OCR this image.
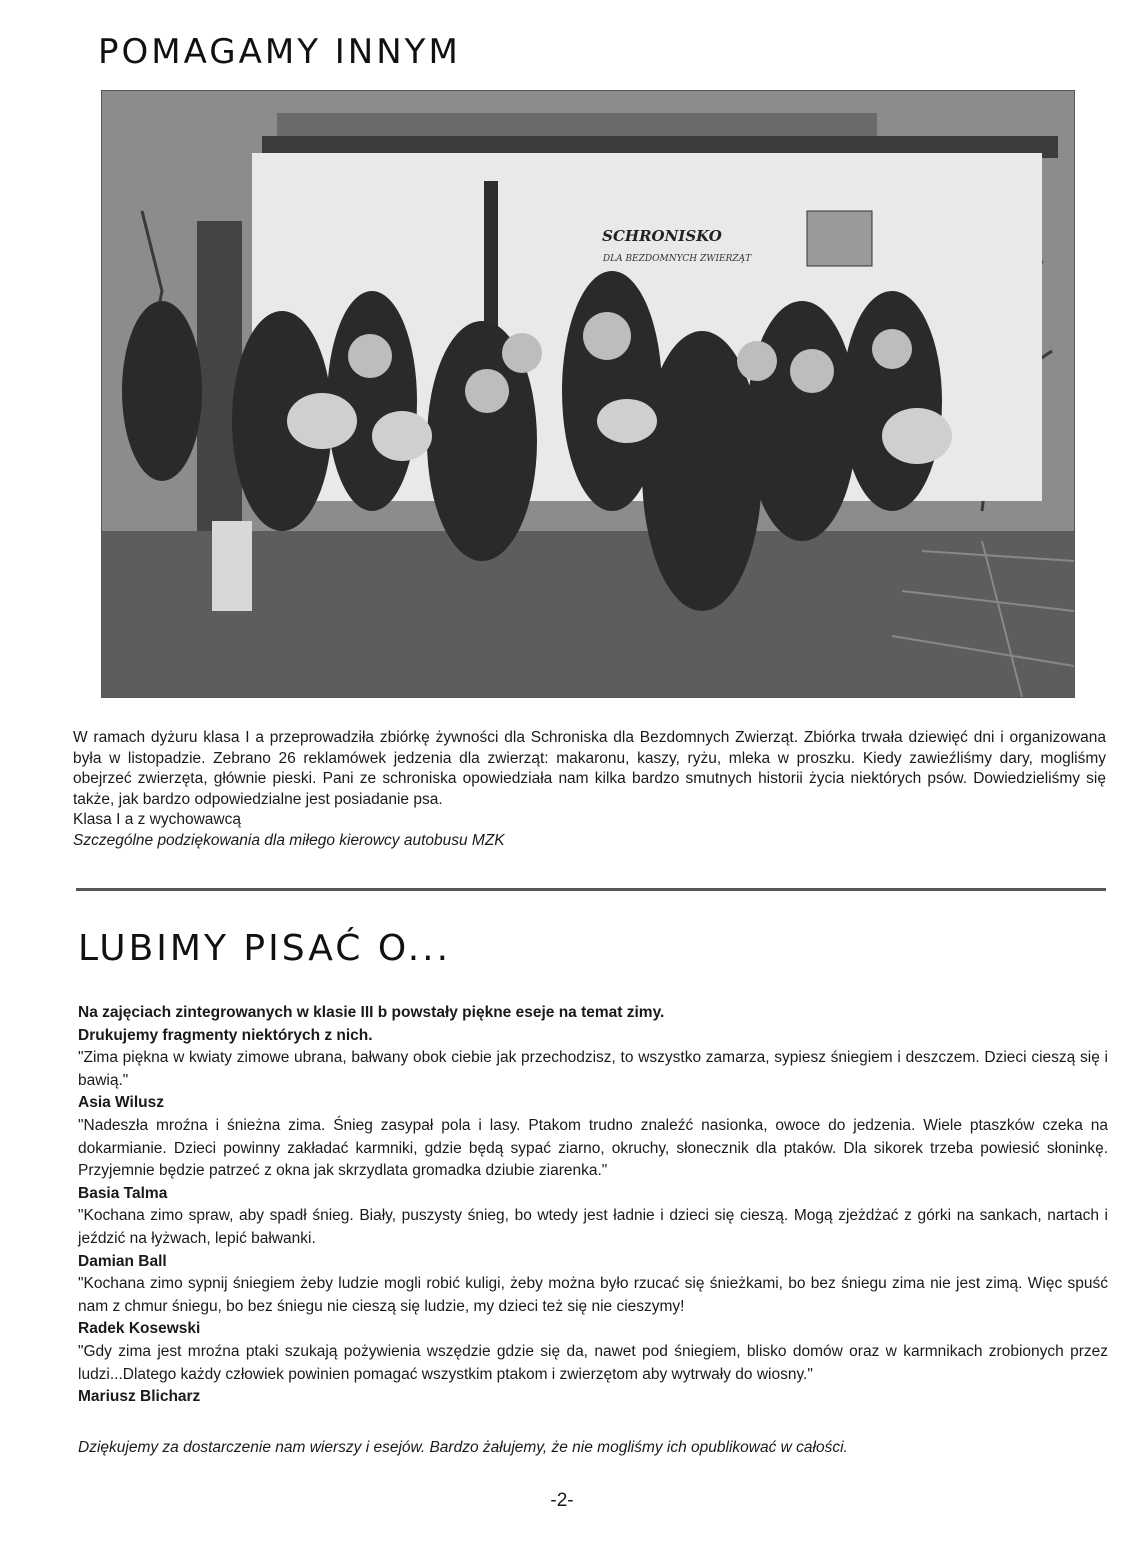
POMAGAMY INNYM
SCHRONISKO
DLA BEZDOMNYCH ZWIERZĄT

W ramach dyżuru klasa I a przeprowadziła zbiórkę żywności dla Schroniska dla Bezdomnych Zwierząt. Zbiórka trwała dziewięć dni i organizowana była w listopadzie. Zebrano 26 reklamówek jedzenia dla zwierząt: makaronu, kaszy, ryżu, mleka w proszku. Kiedy zawieźliśmy dary, mogliśmy obejrzeć zwierzęta, głównie pieski. Pani ze schroniska opowiedziała nam kilka bardzo smutnych historii życia niektórych psów. Dowiedzieliśmy się także, jak bardzo odpowiedzialne jest posiadanie psa.
Klasa I a z wychowawcą
Szczególne podziękowania dla miłego kierowcy autobusu MZK

LUBIMY PISAĆ O...

Na zajęciach zintegrowanych w klasie III b powstały piękne eseje na temat zimy.

Drukujemy fragmenty niektórych z nich.

"Zima piękna w kwiaty zimowe ubrana, bałwany obok ciebie jak przechodzisz, to wszystko zamarza, sypiesz śniegiem i deszczem. Dzieci cieszą się i bawią."

Asia Wilusz

"Nadeszła mroźna i śnieżna zima. Śnieg zasypał pola i lasy. Ptakom trudno znaleźć nasionka, owoce do jedzenia. Wiele ptaszków czeka na dokarmianie. Dzieci powinny zakładać karmniki, gdzie będą sypać ziarno, okruchy, słonecznik dla ptaków. Dla sikorek trzeba powiesić słoninkę. Przyjemnie będzie patrzeć z okna jak skrzydlata gromadka dziubie ziarenka."

Basia Talma

"Kochana zimo spraw, aby spadł śnieg. Biały, puszysty śnieg, bo wtedy jest ładnie i dzieci się cieszą. Mogą zjeżdżać z górki na sankach, nartach i jeździć na łyżwach, lepić bałwanki.

Damian Ball

"Kochana zimo sypnij śniegiem żeby ludzie mogli robić kuligi, żeby można było rzucać się śnieżkami, bo bez śniegu zima nie jest zimą. Więc spuść nam z chmur śniegu, bo bez śniegu nie cieszą się ludzie, my dzieci też się nie cieszymy!

Radek Kosewski

"Gdy zima jest mroźna ptaki szukają pożywienia wszędzie gdzie się da, nawet pod śniegiem, blisko domów oraz w karmnikach zrobionych przez ludzi...Dlatego każdy człowiek powinien pomagać wszystkim ptakom i zwierzętom aby wytrwały do wiosny."

Mariusz Blicharz

Dziękujemy za dostarczenie nam wierszy i esejów. Bardzo żałujemy, że nie mogliśmy ich opublikować w całości.

-2-
